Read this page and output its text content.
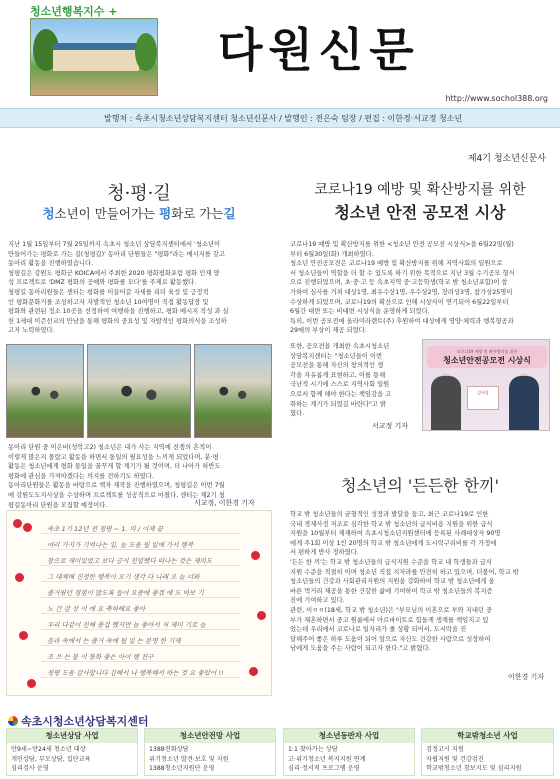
청소년행복지수 +
다원신문
http://www.sochol388.org
발행처 : 속초시청소년상담복지센터 청소년신문사 / 발행인 : 전은숙 팀장 / 편집 : 이한경·서교정 청소년
제4기 청소년신문사
청·평·길
청소년이 만들어가는 평화로 가는길
지난 1월 15일부터 7월 25일까지 속초시 청소년 상담복지센터에서 '청소년이
만들어가는 평화로 가는 길(청평길)' 동아리 단원들은 "평화"라는 메시지를 갖고
동아리 활동을 진행하였습니다.
청평길은 강원도 평화군 KOICA에서 주최한 2020 평화평화포럼 평화 인재 양
성 프로젝트로 'DMZ 평화의 공예와 평화를 모다'를 주제로 활동했다.
청평길 동아리원들은 센터는 평화를 이끌어갈 자세를 리더 육성 및 긍정적
인 평화문화거를 조성하고자 자발적인 청소년 10여명이 직접 활동답장 및
평화와 관련된 정소 10곳을 선정하여 여행하을 진행하고, 평화 메시지 작성 과 실
천 1세대 이즌선교의 만남을 통해 평화의 중요성 및 자발적인 평화의식을 조성하
고자 노력하였다.
동아리 단원 중 이은비(성악고2) 청소년은 내가 사는 지역에 전쟁의 흔적이
이렇게 많은지 몰랐고 활동을 하면서 통일의 필요성을 느끼게 되었다며, 분·평
활동은 청소년에게 평화 통일을 꿈꾸게 할 계기가 될 것이며, 더 나아가 하반도
평화에 관심을 가져야겠다는 의지를 전하기도 하였다.
동아리단원들은 활동을 바탕으로 책자 제작을 진행하였으며, 청평길은 이번 7월
에 강원도도지사상을 수상하며 프로젝트를 성공적으로 마쳤다. 센터는 제2기 청
평길동아리 단원을 모집할 예정이다.	서교정, 이한경 기자
속초 1기 12년 전 청평 ~ 1. 의 / 이제 끝
여러 가지가 기억나는 일, 늘 도움 될 일에 가서 행복
참으로 재미있었고 보다 긍지 친밀했다 떠나는 것은 재의도
그 대체해 진정한 행복이 오기 생각 다 나래 오 늘 너와
즐거웠던 경험이 많도록 들어 요즘에 좋겠 에 도 바보 기
노 간 감 상 이 에 요 축하해요 좋아
우리 다같이 친해 즐겁 했지만 늘 좋아서 저 재미 기로 늘
음과 속에서 는 즐거 속에 될 일 는 분명 한 기재
조 쓰 는 볼 이 통화 좋은 아이 행 친구
청평 도움 감사합니다 김해서 나 행복해서 하는 것 요 좋았어 !!
코로나19 예방 및 확산방지를 위한
청소년 안전 공모전 시상
코로나19 예방 및 확산방지를 위한 <청소년 안전 공모전 시상식>을 6월22일(월)
부터 6월30일(화) 개최하였다.
청소년 안전공모전은 코로나19 예방 및 확산방지를 위해 지역사회의 일원으로
서 청소년들이 역할을 더 할 수 있도록 하기 위한 목적으로 지난 3월 수기공모 형식
으로 진행되었으며, 초·중·고 등 속초지역 중·고등학생(학교 밖 청소년포함)이 참
가하여 심사를 거쳐 대상1명, 최우수상1명, 우수상2명, 장려상3명, 참가상25명이
수상하게 되었으며, 코로나19의 확산으로 인해 시상식이 연기되어 6월22일부터
6월간 대면 또는 비대면 시상식을 운영하게 되었다.
특히, 이번 공모전에 올라미라렌트(주) 후원하여 대상에게 영양·체력과 행복형공과
29매의 부상이 제공 되었다.
또한, 공모전을 개최한 속초시청소년
상담복지센터는 "청소년들이 이번
공모전을 통해 자신의 창의적인 생
각을 자유롭게 표현하고, 이를 통해
국난적 시기에 스스로 지역사회 일원
으로서 함께 해야 한다는 책임감을 고
취하는 계기가 되었길 바란다"고 밝
혔다.
서교정 기자
코로나19 예방 및 확산방지를 위한
청소년안전공모전 시상식
감사장
청소년의 '든든한 한끼'
학교 밖 청소년들의 균형적인 성장과 발달을 돕고, 최근 코로나19로 인한
국내 경제사정 저조로 심각한 학교 밖 청소년의 급식비용 지원을 위한 급식
지원을 10월부터 제재하여 속초시청소년지원센터에 등록된 사례대상자 90명
에게 주1회 이상 1인 20명의 학교 밖 청소년에게 도시락구리비를 각 가정에
서 편하게 반사 정하였다.
'든든 한 끼'는 학교 밖 청소년들의 급식지원 수준을 학교 내 학생들과 급식
지원 수준을 적절히 이며 청소년 직접 지자라를 안전히 하고 있으며, 더불어, 학교 밖
청소년들의 건강과 사회관리지원의 지원을 강화하여 학교 밖 청소년에게 올
바른 먹거리 제공을 통한 건강한 삶에 기여하여 학교 밖 청소년들의 복지증
진에 기여하고 있다.
관련, 이ㅇㅇ(18세, 학교 밖 청소년)은 "부모님의 이혼으로 부와 지내던 중
부가 재혼하면서 중고 원룸에서 아르바이트로 힘들게 생계를 책임지고 있
었는데 우리에서 코로나로 일자리가 줄 상황 되어서, 도시락을 진
달해주어 좋은 하루 도움이 되어 앞으로 자신도 건강한 사람으로 성장하여
남에게 도움을 주는 사람이 되고자 한다."고 밝혔다.
이한경 기자
속초시청소년상담복지센터
청소년상담 사업
만9세~만24세 청소년 대상
개인상담, 부모상담, 집단교육
심리검사 운영
청소년안전망 사업
1388전화상담
위기청소년 발견·보호 및 지원
1388청소년지원단 운영
청소년동반자 사업
1:1 찾아가는 상담
고·위기청소년 복지지원 연계
심리·정서적 프로그램 운영
학교밖청소년 사업
검정고시 지원
자립지원 및 건강검진
학교밖청소년 참보지도 및 심리지원
